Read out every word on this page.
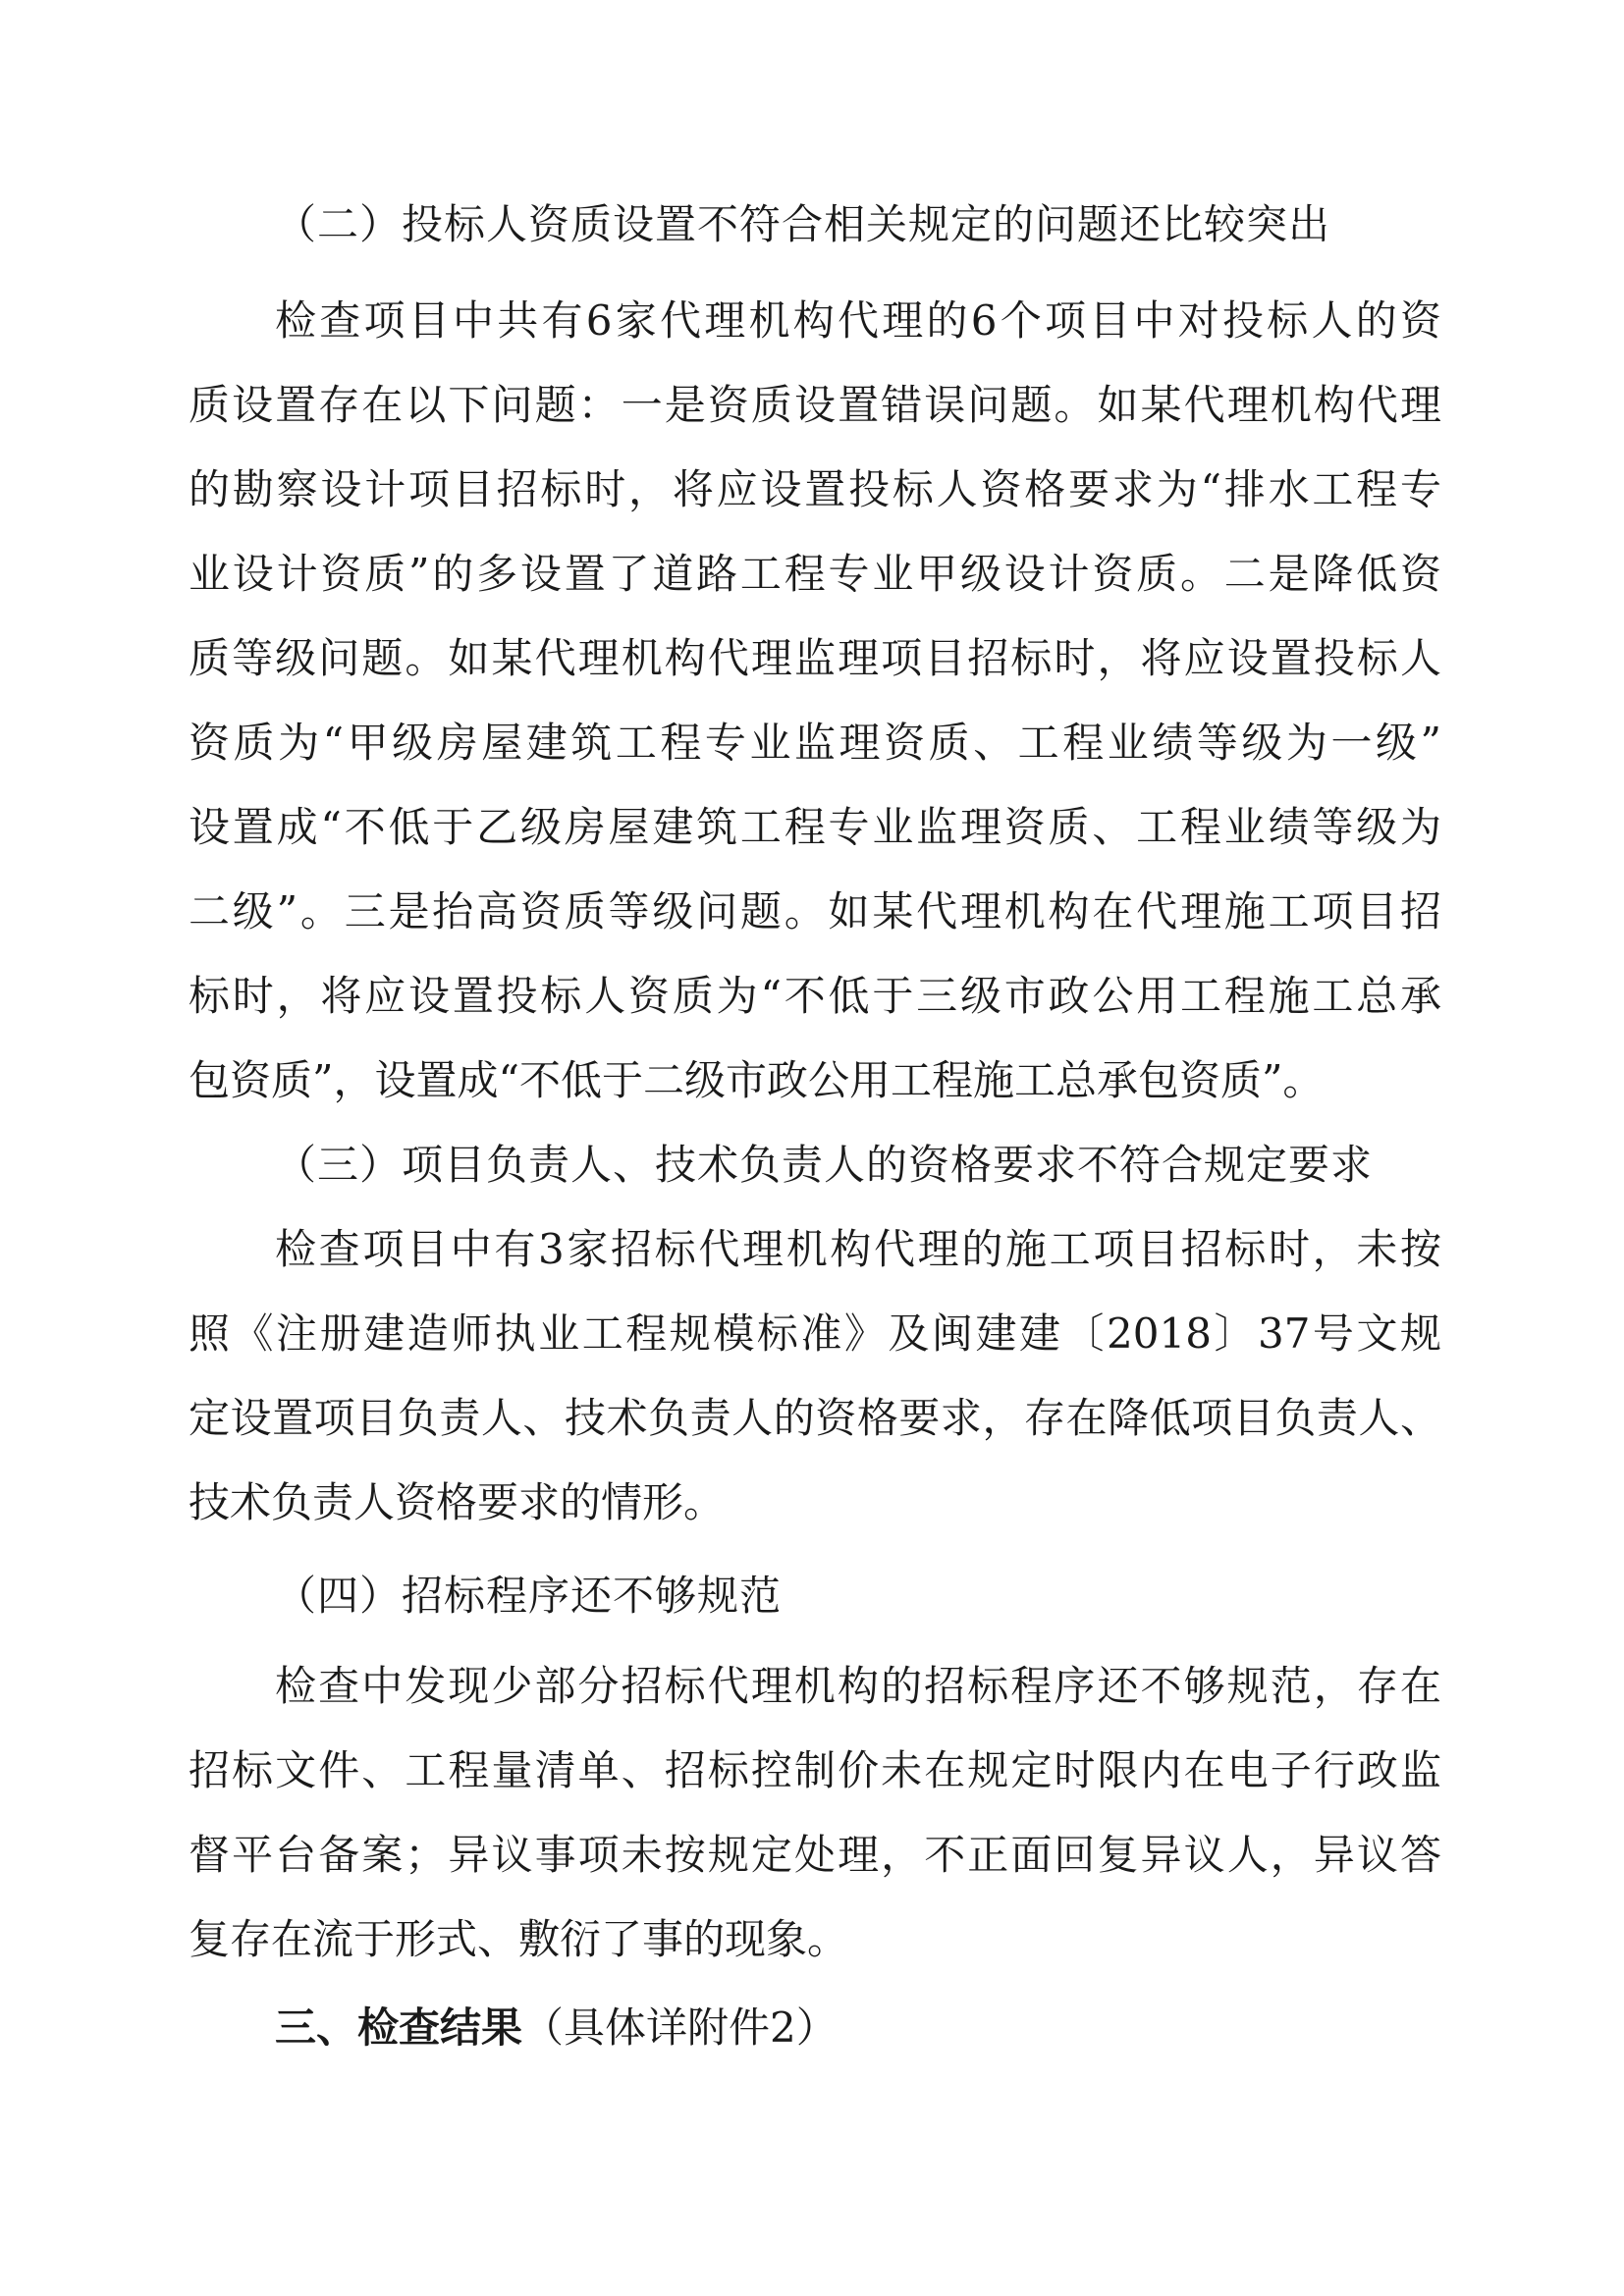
（二）投标人资质设置不符合相关规定的问题还比较突出

检查项目中共有6家代理机构代理的6个项目中对投标人的资

质设置存在以下问题：一是资质设置错误问题。如某代理机构代理

的勘察设计项目招标时，将应设置投标人资格要求为“排水工程专

业设计资质”的多设置了道路工程专业甲级设计资质。二是降低资

质等级问题。如某代理机构代理监理项目招标时，将应设置投标人

资质为“甲级房屋建筑工程专业监理资质、工程业绩等级为一级”

设置成“不低于乙级房屋建筑工程专业监理资质、工程业绩等级为

二级”。三是抬高资质等级问题。如某代理机构在代理施工项目招

标时，将应设置投标人资质为“不低于三级市政公用工程施工总承

包资质”，设置成“不低于二级市政公用工程施工总承包资质”。

（三）项目负责人、技术负责人的资格要求不符合规定要求

检查项目中有3家招标代理机构代理的施工项目招标时，未按

照《注册建造师执业工程规模标准》及闽建建〔2018〕37号文规

定设置项目负责人、技术负责人的资格要求，存在降低项目负责人、

技术负责人资格要求的情形。

（四）招标程序还不够规范

检查中发现少部分招标代理机构的招标程序还不够规范，存在

招标文件、工程量清单、招标控制价未在规定时限内在电子行政监

督平台备案；异议事项未按规定处理，不正面回复异议人，异议答

复存在流于形式、敷衍了事的现象。

三、检查结果（具体详附件2）
